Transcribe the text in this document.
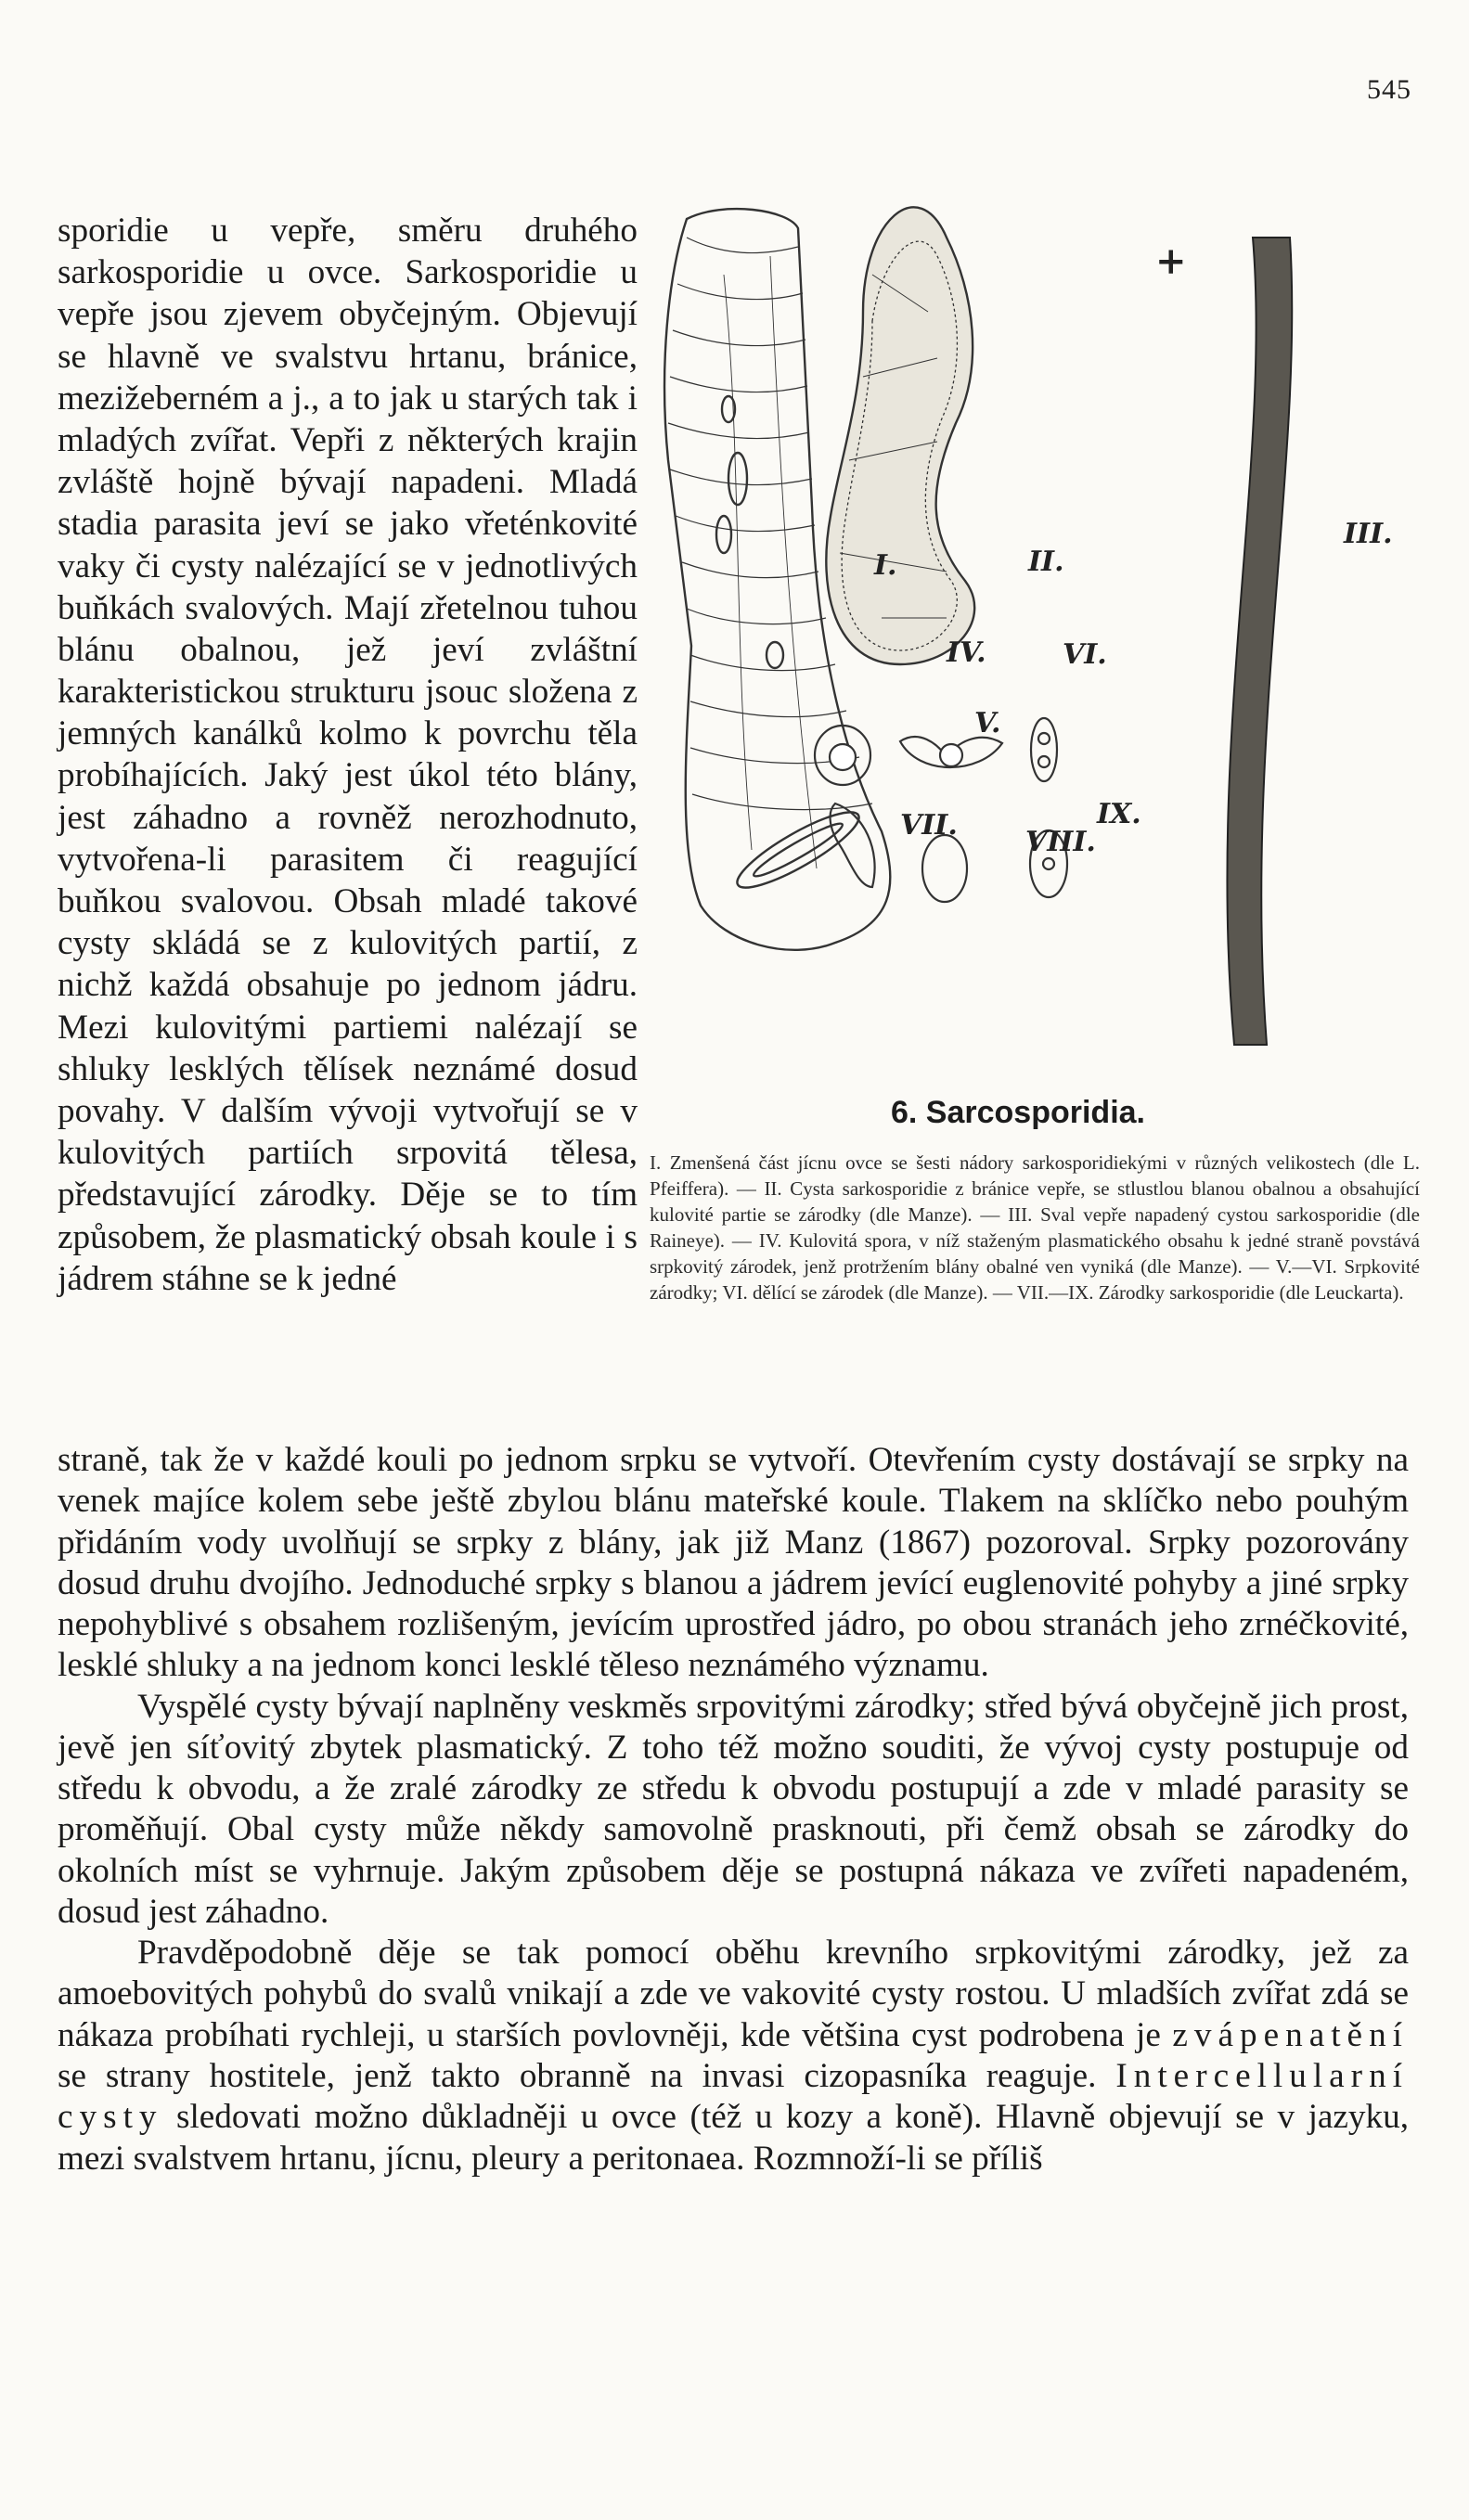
545

sporidie u vepře, směru druhého sarkosporidie u ovce. Sarkosporidie u vepře jsou zjevem obyčejným. Objevují se hlavně ve svalstvu hrtanu, bránice, mezižeberném a j., a to jak u starých tak i mladých zvířat. Vepři z některých krajin zvláště hojně bývají napadeni. Mladá stadia parasita jeví se jako vřeténkovité vaky či cysty nalézající se v jednotlivých buňkách svalových. Mají zřetelnou tuhou blánu obalnou, jež jeví zvláštní karakteristickou strukturu jsouc složena z jemných kanálků kolmo k povrchu těla probíhajících. Jaký jest úkol této blány, jest záhadno a rovněž nerozhodnuto, vytvořena-li parasitem či reagující buňkou svalovou. Obsah mladé takové cysty skládá se z kulovitých partií, z nichž každá obsahuje po jednom jádru. Mezi kulovitými partiemi nalézají se shluky lesklých tělísek neznámé dosud povahy. V dalším vývoji vytvořují se v kulovitých partiích srpovitá tělesa, představující zárodky. Děje se to tím způsobem, že plasmatický obsah koule i s jádrem stáhne se k jedné

+
I.	II.
III.
IV.	VI.
V.
VII.
VIII.
IX.
6. Sarcosporidia.
I. Zmenšená část jícnu ovce se šesti nádory sarkosporidiekými v různých velikostech (dle L. Pfeiffera). — II. Cysta sarkosporidie z bránice vepře, se stlustlou blanou obalnou a obsahující kulovité partie se zárodky (dle Manze). — III. Sval vepře napadený cystou sarkosporidie (dle Raineye). — IV. Kulovitá spora, v níž staženým plasmatického obsahu k jedné straně povstává srpkovitý zárodek, jenž protržením blány obalné ven vyniká (dle Manze). — V.—VI. Srpkovité zárodky; VI. dělící se zárodek (dle Manze). — VII.—IX. Zárodky sarkosporidie (dle Leuckarta).

straně, tak že v každé kouli po jednom srpku se vytvoří. Otevřením cysty dostávají se srpky na venek majíce kolem sebe ještě zbylou blánu mateřské koule. Tlakem na sklíčko nebo pouhým přidáním vody uvolňují se srpky z blány, jak již Manz (1867) pozoroval. Srpky pozorovány dosud druhu dvojího. Jednoduché srpky s blanou a jádrem jevící euglenovité pohyby a jiné srpky nepohyblivé s obsahem rozlišeným, jevícím uprostřed jádro, po obou stranách jeho zrnéčkovité, lesklé shluky a na jednom konci lesklé těleso neznámého významu.

Vyspělé cysty bývají naplněny veskměs srpovitými zárodky; střed bývá obyčejně jich prost, jevě jen síťovitý zbytek plasmatický. Z toho též možno souditi, že vývoj cysty postupuje od středu k obvodu, a že zralé zárodky ze středu k obvodu postupují a zde v mladé parasity se proměňují. Obal cysty může někdy samovolně prasknouti, při čemž obsah se zárodky do okolních míst se vyhrnuje. Jakým způsobem děje se postupná nákaza ve zvířeti napadeném, dosud jest záhadno.

Pravděpodobně děje se tak pomocí oběhu krevního srpkovitými zárodky, jež za amoebovitých pohybů do svalů vnikají a zde ve vakovité cysty rostou. U mladších zvířat zdá se nákaza probíhati rychleji, u starších povlovněji, kde většina cyst podrobena je zvápenatění se strany hostitele, jenž takto obranně na invasi cizopasníka reaguje. Intercellularní cysty sledovati možno důkladněji u ovce (též u kozy a koně). Hlavně objevují se v jazyku, mezi svalstvem hrtanu, jícnu, pleury a peritonaea. Rozmnoží-li se příliš
